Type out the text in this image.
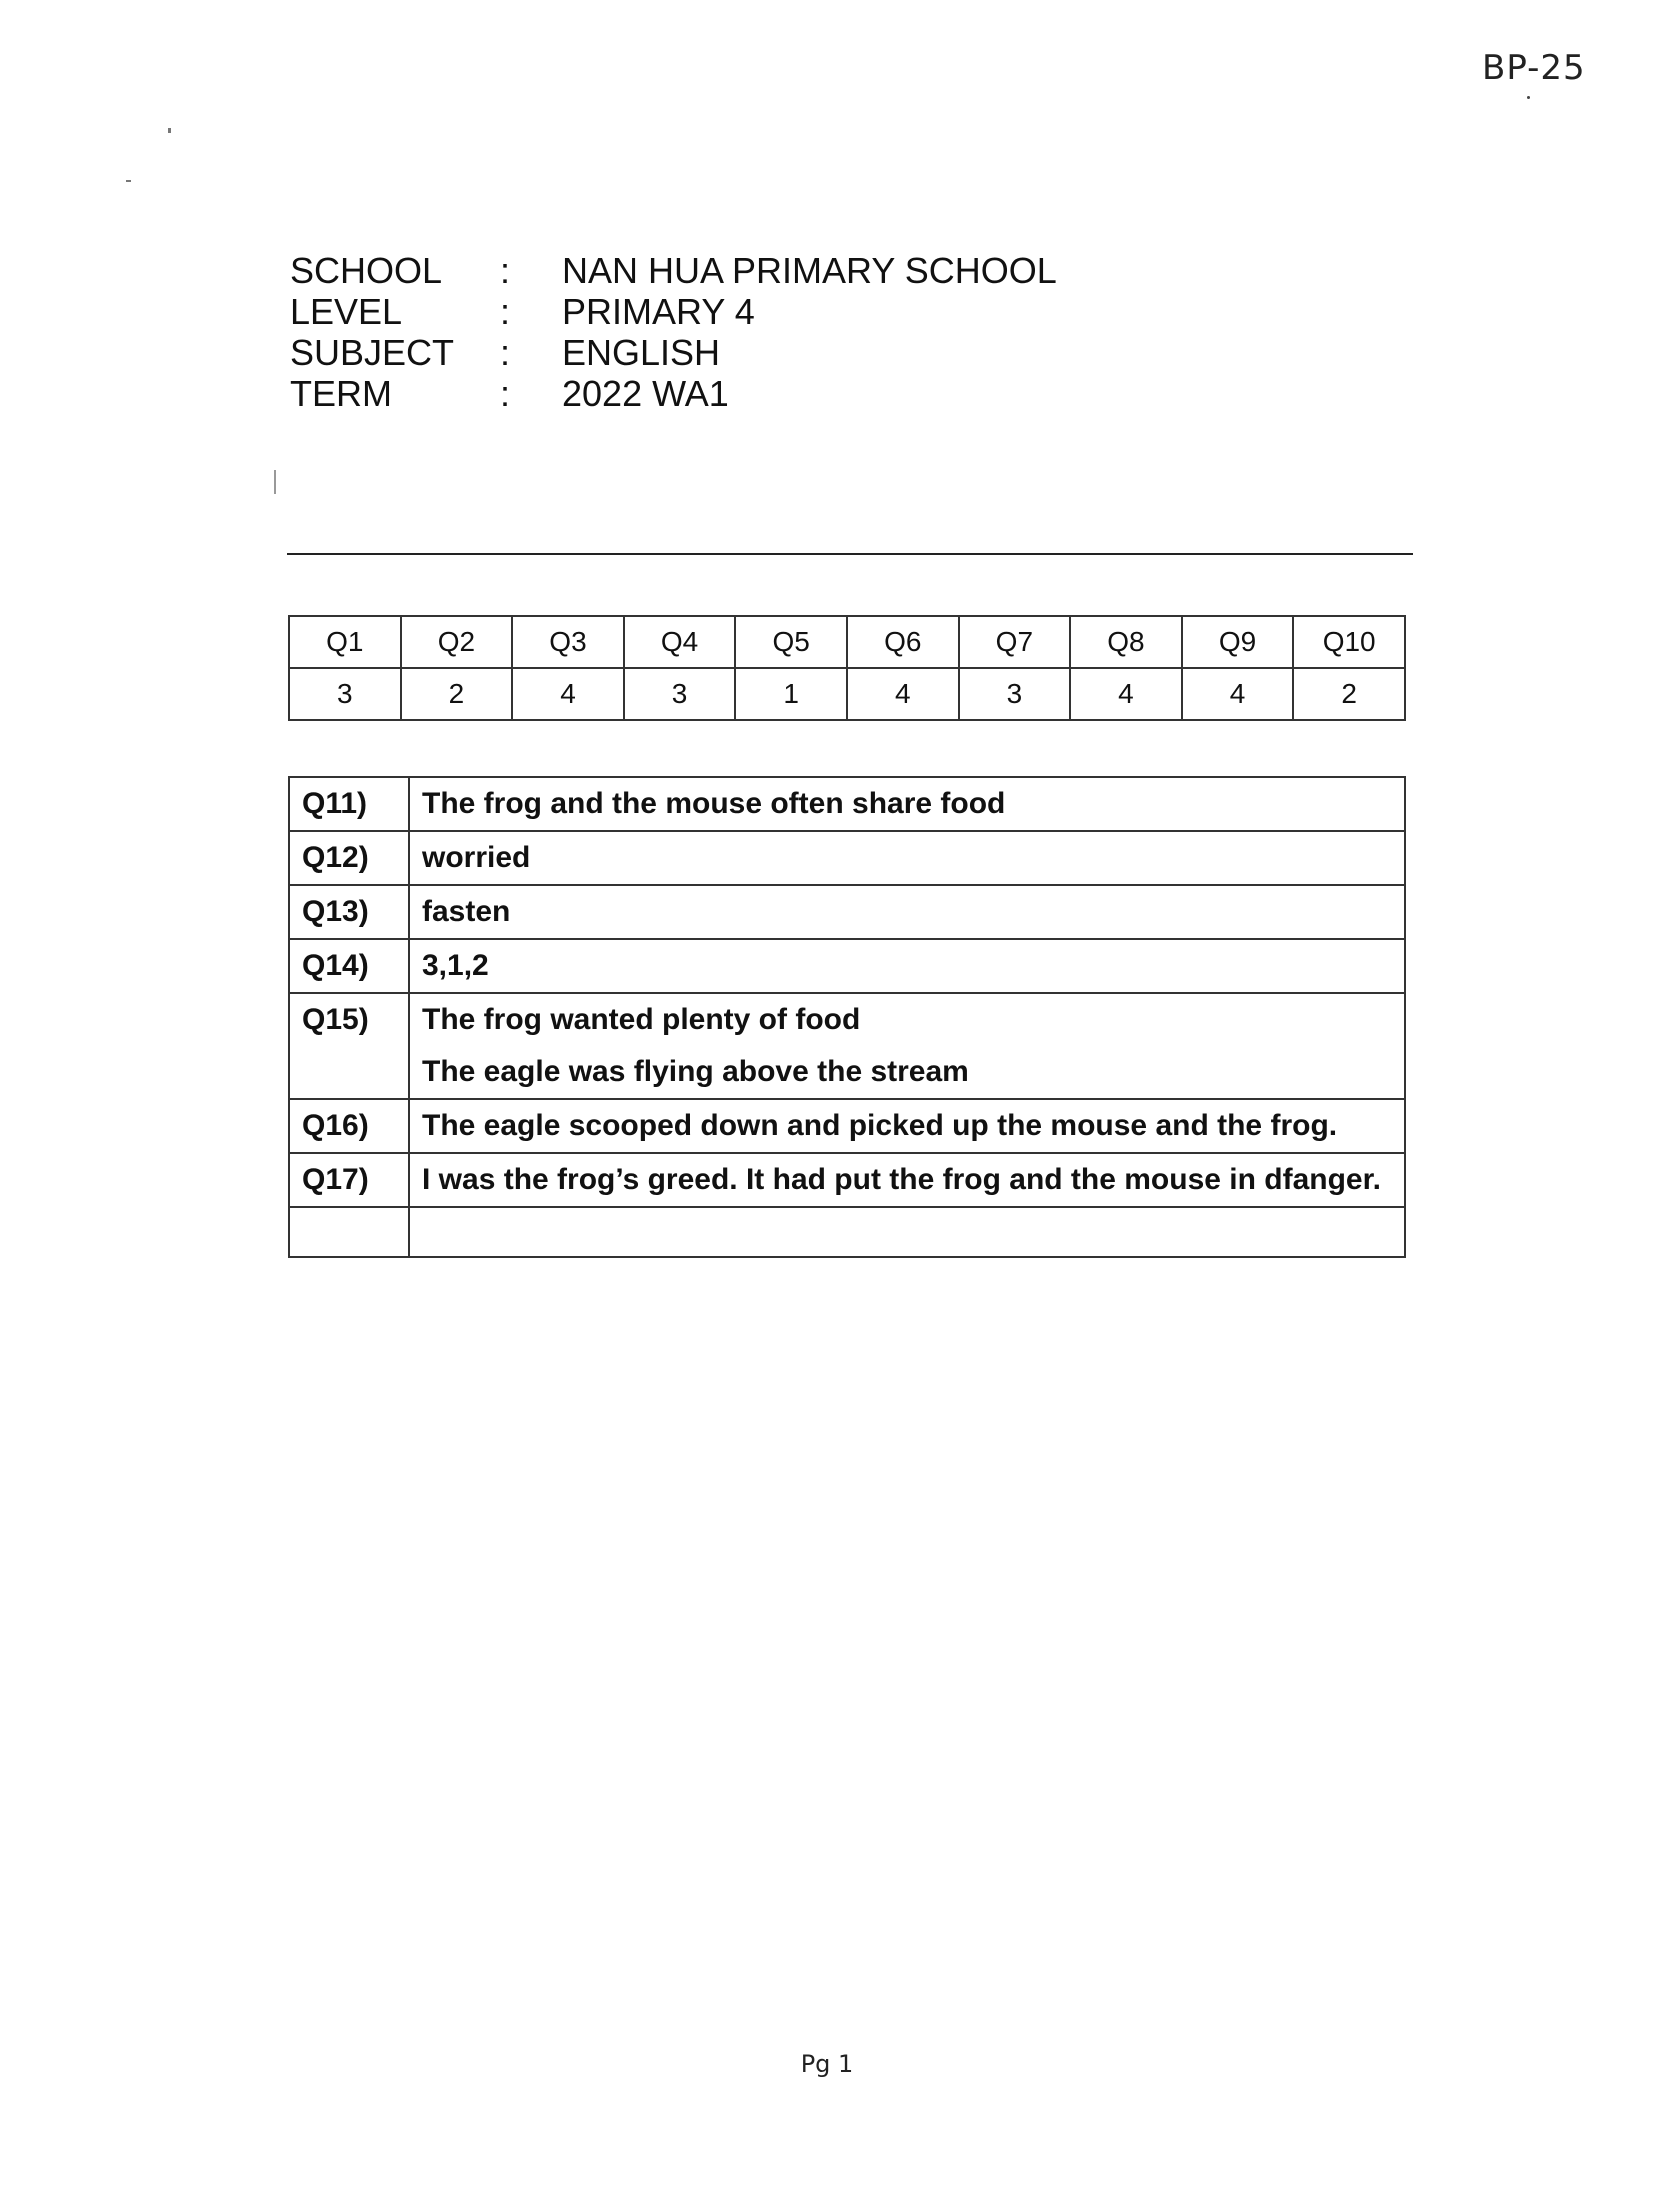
BP-25
SCHOOL	:	NAN HUA PRIMARY SCHOOL
LEVEL	:	PRIMARY 4
SUBJECT	:	ENGLISH
TERM	:	2022 WA1
Q1	Q2	Q3	Q4	Q5	Q6	Q7	Q8	Q9	Q10
3	2	4	3	1	4	3	4	4	2
Q11)	The frog and the mouse often share food
Q12)	worried
Q13)	fasten
Q14)	3,1,2
Q15)	The frog wanted plenty of food
The eagle was flying above the stream

Q16)	The eagle scooped down and picked up the mouse and the frog.
Q17)	I was the frog’s greed. It had put the frog and the mouse in dfanger.

Pg 1
